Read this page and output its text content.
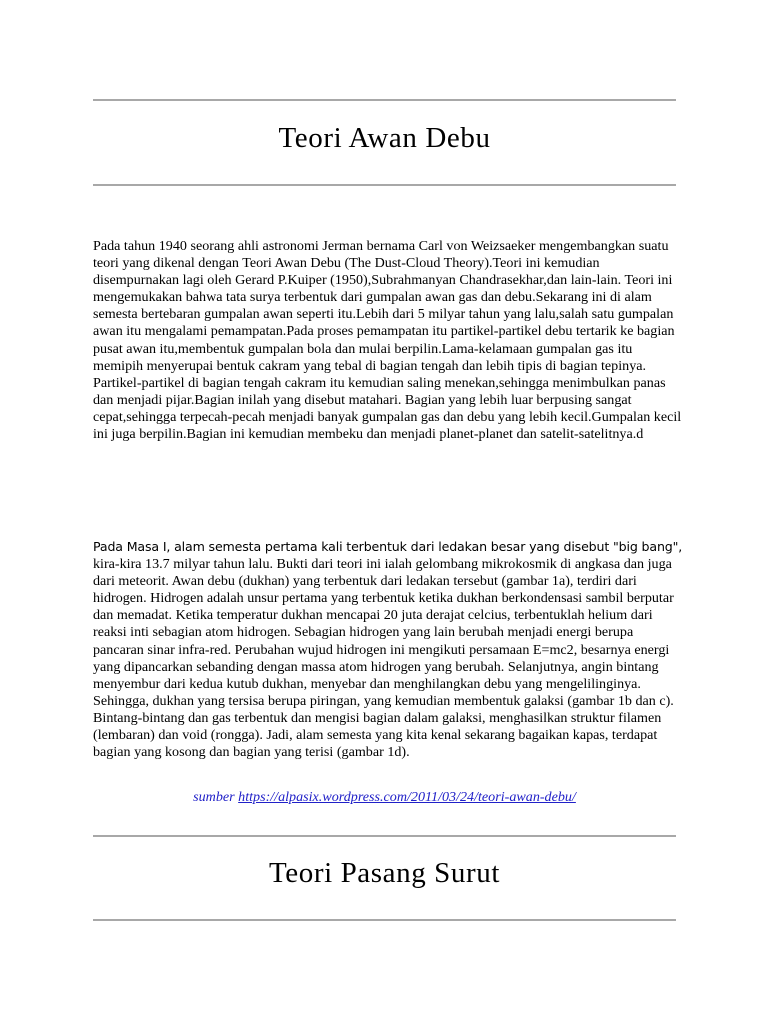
Teori Awan Debu

Pada tahun 1940 seorang ahli astronomi Jerman bernama Carl von Weizsaeker mengembangkan suatu teori yang dikenal dengan Teori Awan Debu (The Dust-Cloud Theory).Teori ini kemudian disempurnakan lagi oleh Gerard P.Kuiper (1950),Subrahmanyan Chandrasekhar,dan lain-lain. Teori ini mengemukakan bahwa tata surya terbentuk dari gumpalan awan gas dan debu.Sekarang ini di alam semesta bertebaran gumpalan awan seperti itu.Lebih dari 5 milyar tahun yang lalu,salah satu gumpalan awan itu mengalami pemampatan.Pada proses pemampatan itu partikel-partikel debu tertarik ke bagian pusat awan itu,membentuk gumpalan bola dan mulai berpilin.Lama-kelamaan gumpalan gas itu memipih menyerupai bentuk cakram yang tebal di bagian tengah dan lebih tipis di bagian tepinya. Partikel-partikel di bagian tengah cakram itu kemudian saling menekan,sehingga menimbulkan panas dan menjadi pijar.Bagian inilah yang disebut matahari. Bagian yang lebih luar berpusing sangat cepat,sehingga terpecah-pecah menjadi banyak gumpalan gas dan debu yang lebih kecil.Gumpalan kecil ini juga berpilin.Bagian ini kemudian membeku dan menjadi planet-planet dan satelit-satelitnya.d

Pada Masa I, alam semesta pertama kali terbentuk dari ledakan besar yang disebut "big bang", kira-kira 13.7 milyar tahun lalu. Bukti dari teori ini ialah gelombang mikrokosmik di angkasa dan juga dari meteorit. Awan debu (dukhan) yang terbentuk dari ledakan tersebut (gambar 1a), terdiri dari hidrogen. Hidrogen adalah unsur pertama yang terbentuk ketika dukhan berkondensasi sambil berputar dan memadat. Ketika temperatur dukhan mencapai 20 juta derajat celcius, terbentuklah helium dari reaksi inti sebagian atom hidrogen. Sebagian hidrogen yang lain berubah menjadi energi berupa pancaran sinar infra-red. Perubahan wujud hidrogen ini mengikuti persamaan E=mc2, besarnya energi yang dipancarkan sebanding dengan massa atom hidrogen yang berubah. Selanjutnya, angin bintang menyembur dari kedua kutub dukhan, menyebar dan menghilangkan debu yang mengelilinginya. Sehingga, dukhan yang tersisa berupa piringan, yang kemudian membentuk galaksi (gambar 1b dan c). Bintang-bintang dan gas terbentuk dan mengisi bagian dalam galaksi, menghasilkan struktur filamen (lembaran) dan void (rongga). Jadi, alam semesta yang kita kenal sekarang bagaikan kapas, terdapat bagian yang kosong dan bagian yang terisi (gambar 1d).

sumber https://alpasix.wordpress.com/2011/03/24/teori-awan-debu/

Teori Pasang Surut
